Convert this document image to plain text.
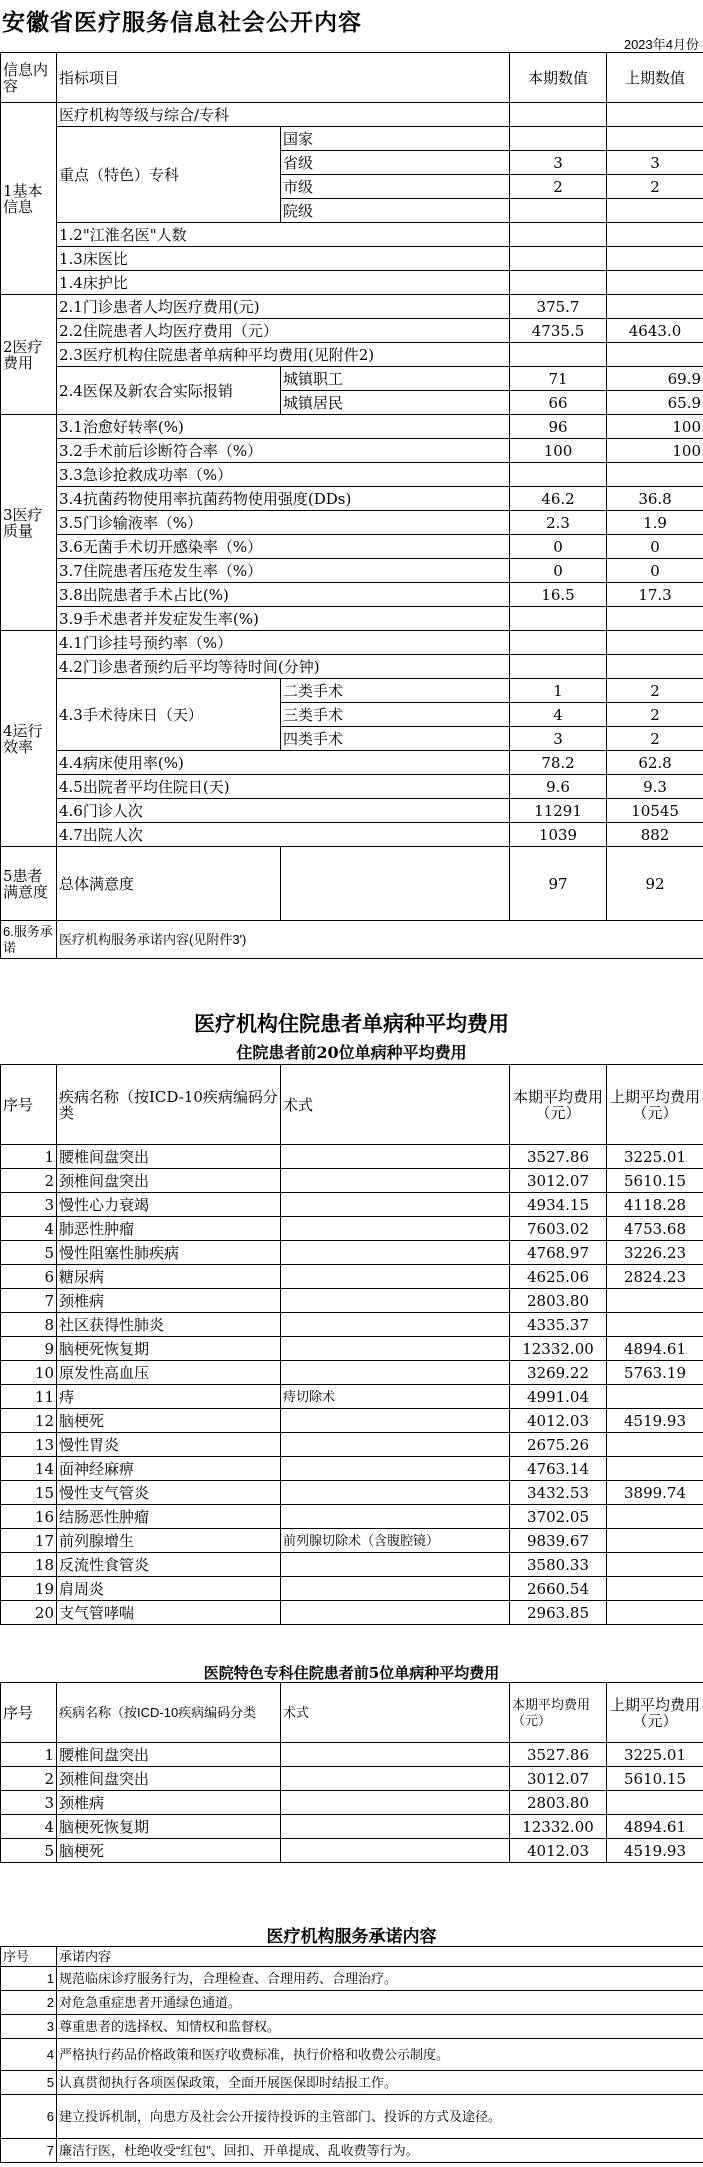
安徽省医疗服务信息社会公开内容
2023年4月份
信息内容	指标项目		本期数值	上期数值
1基本信息	医疗机构等级与综合/专科			
	重点（特色）专科	国家		
		省级	3	3
		市级	2	2
		院级		
	1.2"江淮名医"人数			
	1.3床医比			
	1.4床护比			
2医疗费用	2.1门诊患者人均医疗费用(元)		375.7	
	2.2住院患者人均医疗费用（元）		4735.5	4643.0
	2.3医疗机构住院患者单病种平均费用(见附件2)			
	2.4医保及新农合实际报销	城镇职工	71	69.9
		城镇居民	66	65.9
3医疗质量	3.1治愈好转率(%)		96	100
	3.2手术前后诊断符合率（%）		100	100
	3.3急诊抢救成功率（%）			
	3.4抗菌药物使用率抗菌药物使用强度(DDs)		46.2	36.8
	3.5门诊输液率（%）		2.3	1.9
	3.6无菌手术切开感染率（%）		0	0
	3.7住院患者压疮发生率（%）		0	0
	3.8出院患者手术占比(%)		16.5	17.3
	3.9手术患者并发症发生率(%)			
4运行效率	4.1门诊挂号预约率（%）			
	4.2门诊患者预约后平均等待时间(分钟)			
	4.3手术待床日（天）	二类手术	1	2
		三类手术	4	2
		四类手术	3	2
	4.4病床使用率(%)		78.2	62.8
	4.5出院者平均住院日(天)		9.6	9.3
	4.6门诊人次		11291	10545
	4.7出院人次		1039	882
5患者满意度	总体满意度		97	92
6.服务承诺	医疗机构服务承诺内容(见附件3')			
医疗机构住院患者单病种平均费用
住院患者前20位单病种平均费用
序号	疾病名称（按ICD-10疾病编码分类	术式	本期平均费用（元）	上期平均费用（元）
1	腰椎间盘突出		3527.86	3225.01
2	颈椎间盘突出		3012.07	5610.15
3	慢性心力衰竭		4934.15	4118.28
4	肺恶性肿瘤		7603.02	4753.68
5	慢性阻塞性肺疾病		4768.97	3226.23
6	糖尿病		4625.06	2824.23
7	颈椎病		2803.80	
8	社区获得性肺炎		4335.37	
9	脑梗死恢复期		12332.00	4894.61
10	原发性高血压		3269.22	5763.19
11	痔	痔切除术	4991.04	
12	脑梗死		4012.03	4519.93
13	慢性胃炎		2675.26	
14	面神经麻痹		4763.14	
15	慢性支气管炎		3432.53	3899.74
16	结肠恶性肿瘤		3702.05	
17	前列腺增生	前列腺切除术（含腹腔镜）	9839.67	
18	反流性食管炎		3580.33	
19	肩周炎		2660.54	
20	支气管哮喘		2963.85	
医院特色专科住院患者前5位单病种平均费用
序号	疾病名称（按ICD-10疾病编码分类	术式	本期平均费用（元）	上期平均费用（元）
1	腰椎间盘突出		3527.86	3225.01
2	颈椎间盘突出		3012.07	5610.15
3	颈椎病		2803.80	
4	脑梗死恢复期		12332.00	4894.61
5	脑梗死		4012.03	4519.93
医疗机构服务承诺内容
序号	承诺内容
1	规范临床诊疗服务行为，合理检查、合理用药、合理治疗。
2	对危急重症患者开通绿色通道。
3	尊重患者的选择权、知情权和监督权。
4	严格执行药品价格政策和医疗收费标准，执行价格和收费公示制度。
5	认真贯彻执行各项医保政策，全面开展医保即时结报工作。
6	建立投诉机制，向患方及社会公开接待投诉的主管部门、投诉的方式及途径。
7	廉洁行医，杜绝收受“红包”、回扣、开单提成、乱收费等行为。
